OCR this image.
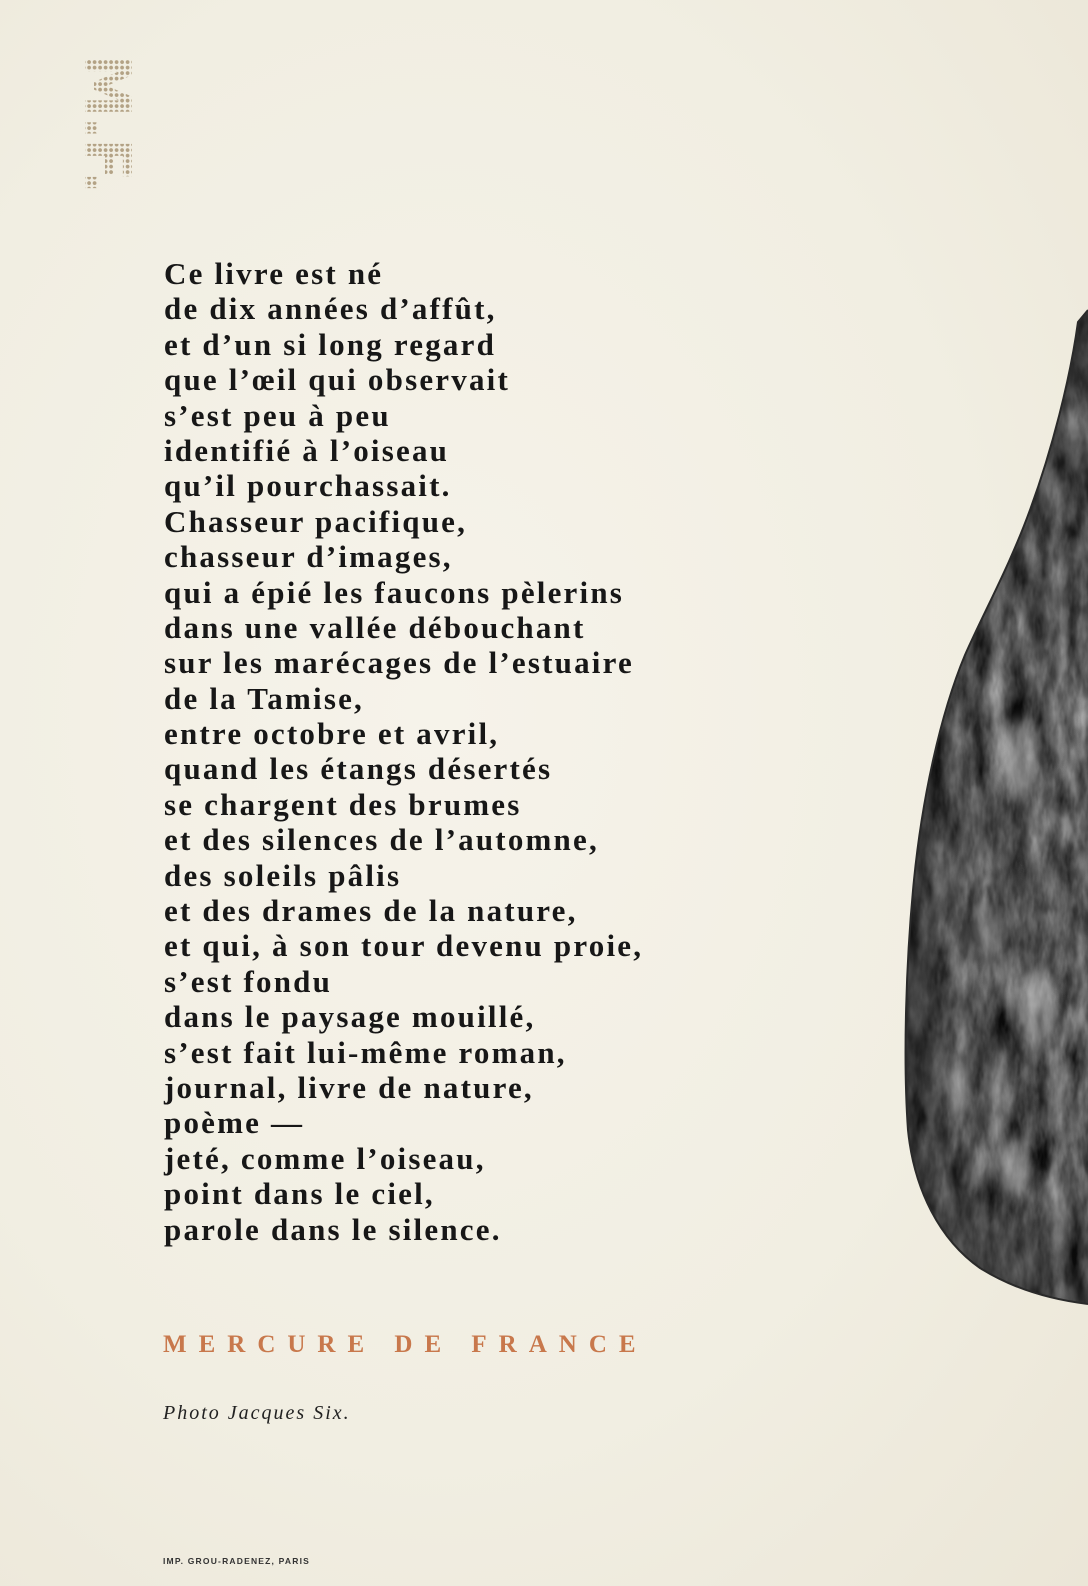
M.F.
Ce livre est né
de dix années d’affût,
et d’un si long regard
que l’œil qui observait
s’est peu à peu
identifié à l’oiseau
qu’il pourchassait.
Chasseur pacifique,
chasseur d’images,
qui a épié les faucons pèlerins
dans une vallée débouchant
sur les marécages de l’estuaire
de la Tamise,
entre octobre et avril,
quand les étangs désertés
se chargent des brumes
et des silences de l’automne,
des soleils pâlis
et des drames de la nature,
et qui, à son tour devenu proie,
s’est fondu
dans le paysage mouillé,
s’est fait lui-même roman,
journal, livre de nature,
poème —
jeté, comme l’oiseau,
point dans le ciel,
parole dans le silence.
MERCURE DE FRANCE
Photo Jacques Six.
IMP. GROU-RADENEZ, PARIS
